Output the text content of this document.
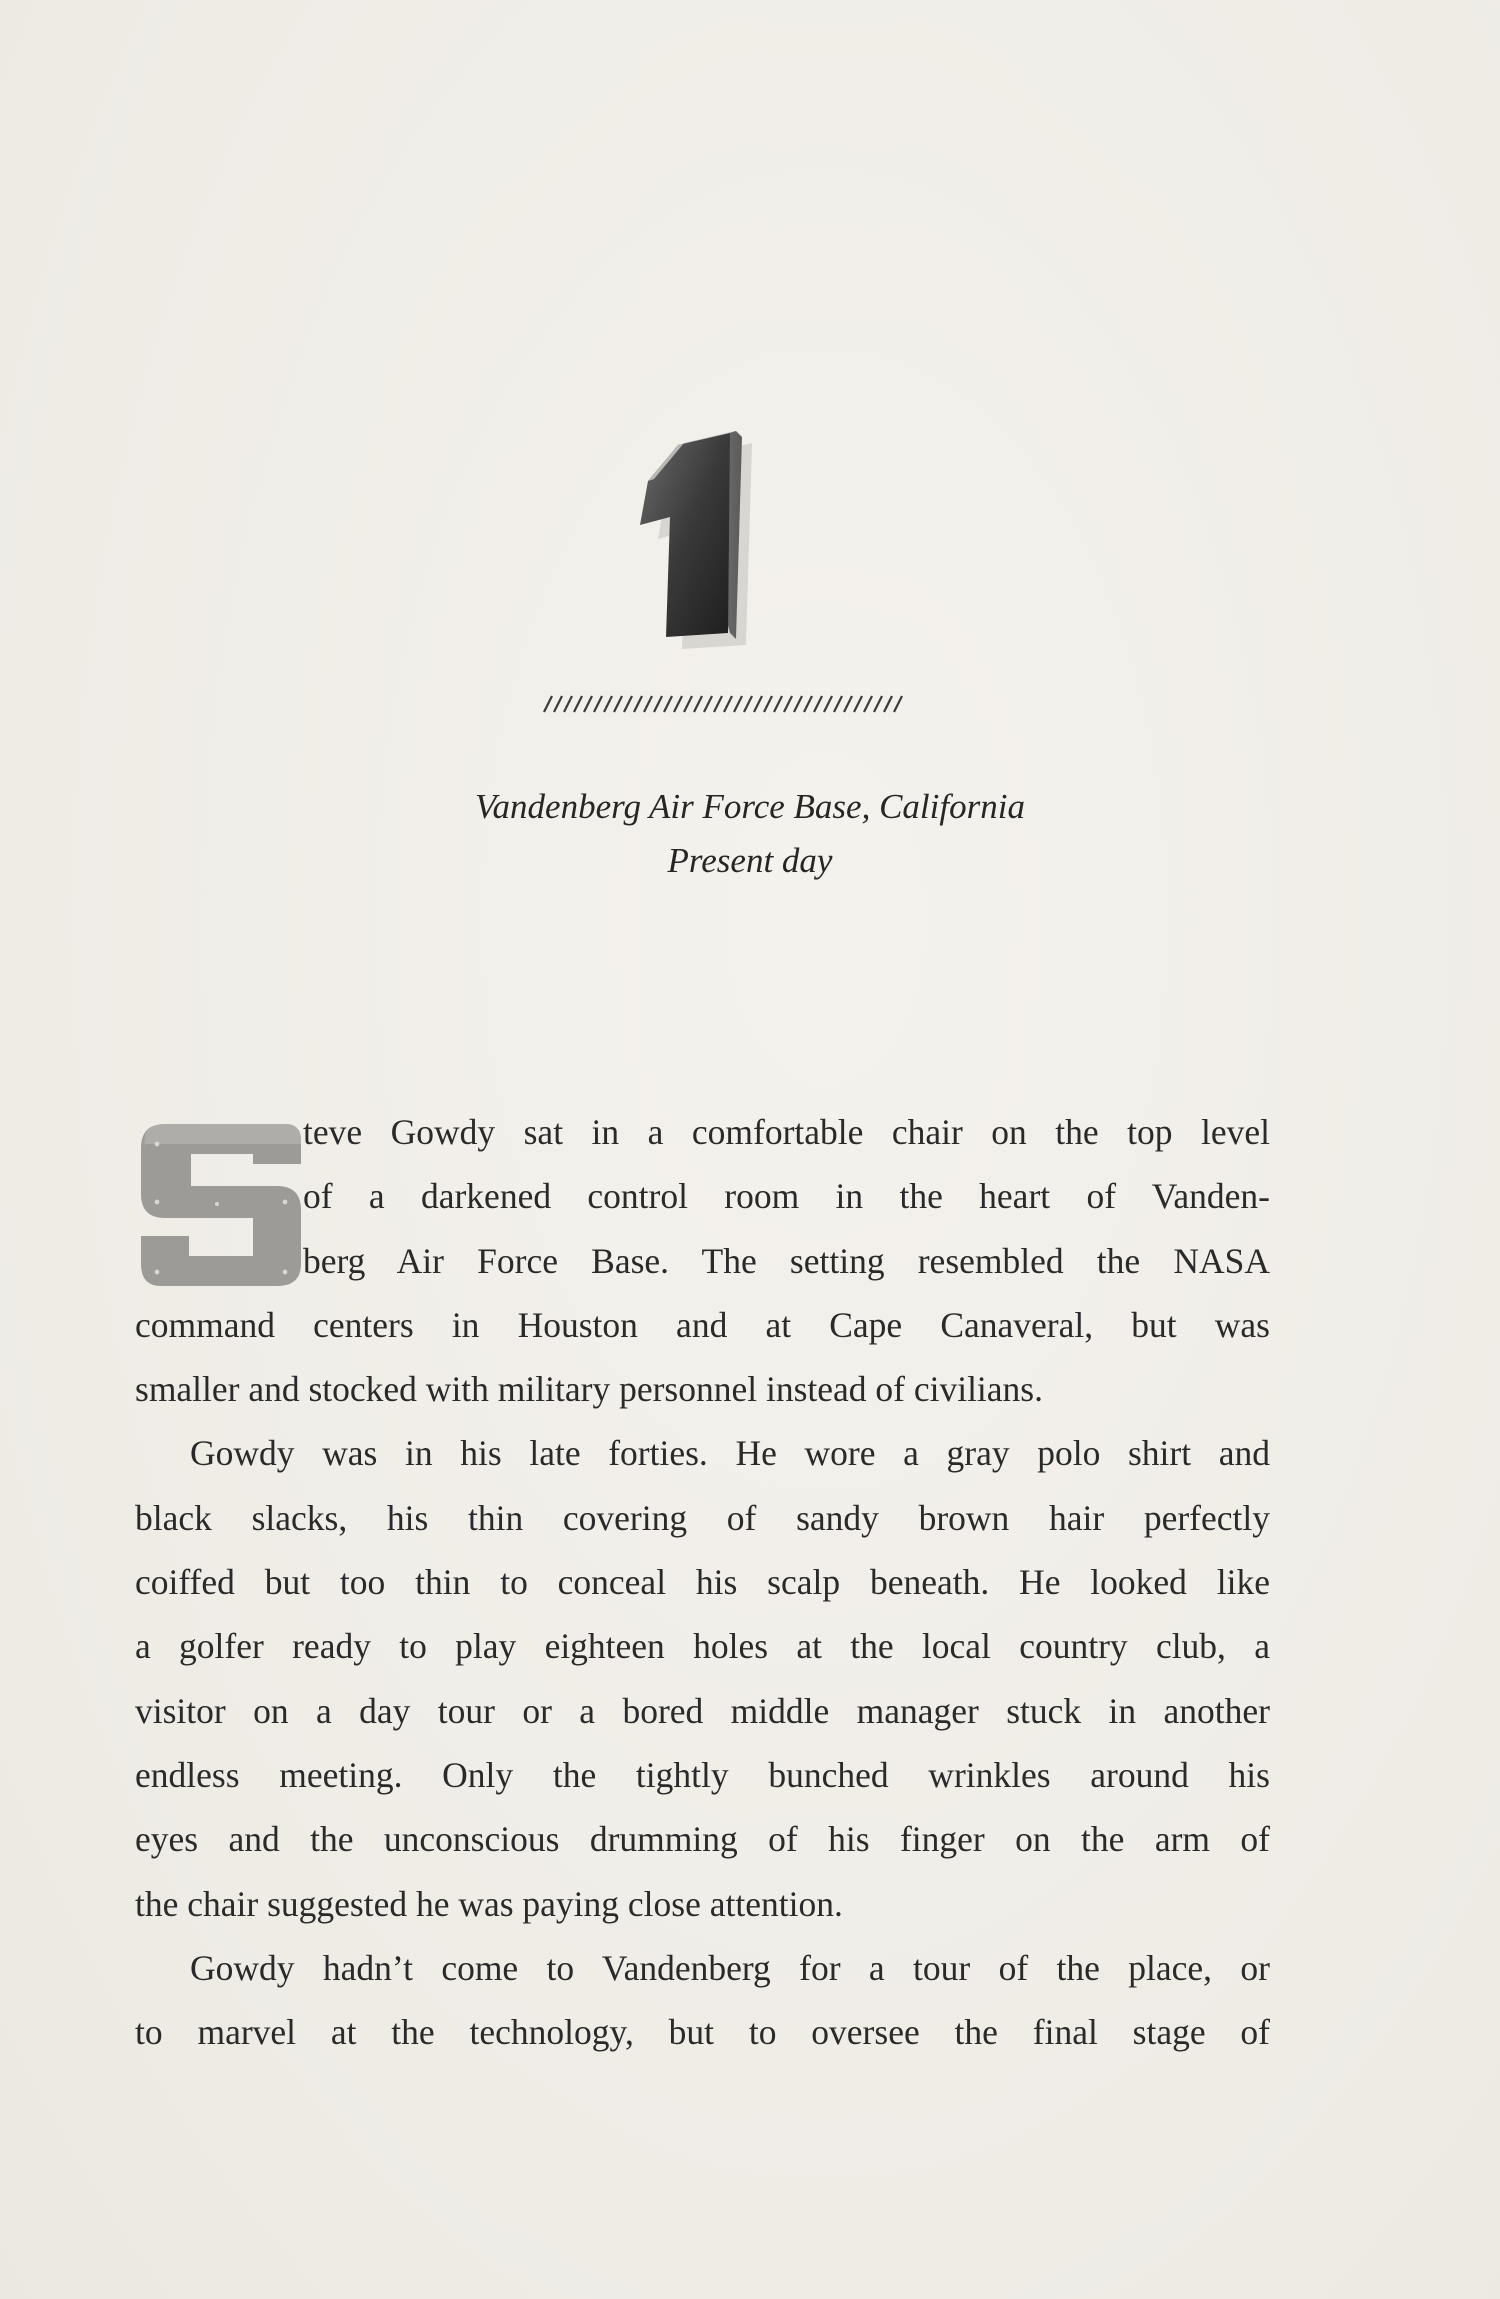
Vandenberg Air Force Base, California
Present day
teve Gowdy sat in a comfortable chair on the top level
of a darkened control room in the heart of Vanden-
berg Air Force Base. The setting resembled the NASA
command centers in Houston and at Cape Canaveral, but was
smaller and stocked with military personnel instead of civilians.
Gowdy was in his late forties. He wore a gray polo shirt and
black slacks, his thin covering of sandy brown hair perfectly
coiffed but too thin to conceal his scalp beneath. He looked like
a golfer ready to play eighteen holes at the local country club, a
visitor on a day tour or a bored middle manager stuck in another
endless meeting. Only the tightly bunched wrinkles around his
eyes and the unconscious drumming of his finger on the arm of
the chair suggested he was paying close attention.
Gowdy hadn’t come to Vandenberg for a tour of the place, or
to marvel at the technology, but to oversee the final stage of
